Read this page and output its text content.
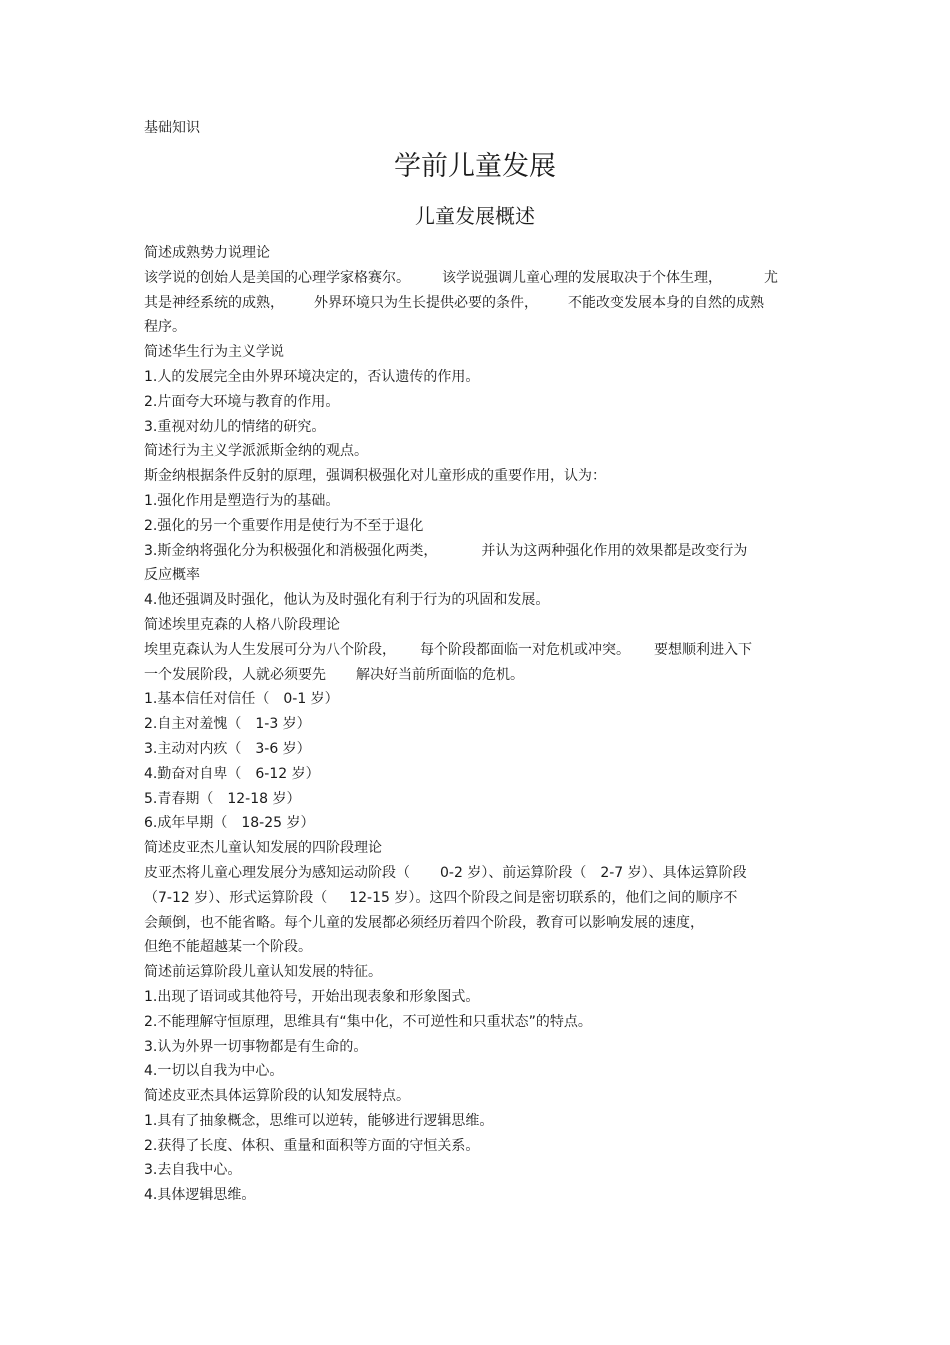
基础知识
学前儿童发展
儿童发展概述
简述成熟势力说理论
该学说的创始人是美国的心理学家格赛尔。 该学说强调儿童心理的发展取决于个体生理，	尤
其是神经系统的成熟， 外界环境只为生长提供必要的条件， 不能改变发展本身的自然的成熟
程序。
简述华生行为主义学说
1.人的发展完全由外界环境决定的，否认遗传的作用。
2.片面夸大环境与教育的作用。
3.重视对幼儿的情绪的研究。
简述行为主义学派派斯金纳的观点。
斯金纳根据条件反射的原理，强调积极强化对儿童形成的重要作用，认为：
1.强化作用是塑造行为的基础。
2.强化的另一个重要作用是使行为不至于退化
3.斯金纳将强化分为积极强化和消极强化两类，	并认为这两种强化作用的效果都是改变行为
反应概率
4.他还强调及时强化，他认为及时强化有利于行为的巩固和发展。
简述埃里克森的人格八阶段理论
埃里克森认为人生发展可分为八个阶段， 每个阶段都面临一对危机或冲突。 要想顺利进入下
一个发展阶段，人就必须要先 解决好当前所面临的危机。
1.基本信任对信任（ 0-1 岁）
2.自主对羞愧（ 1-3 岁）
3.主动对内疚（ 3-6 岁）
4.勤奋对自卑（ 6-12 岁）
5.青春期（ 12-18 岁）
6.成年早期（ 18-25 岁）
简述皮亚杰儿童认知发展的四阶段理论
皮亚杰将儿童心理发展分为感知运动阶段（ 0-2 岁）、前运算阶段（ 2-7 岁）、具体运算阶段
（7-12 岁）、形式运算阶段（ 12-15 岁）。这四个阶段之间是密切联系的，他们之间的顺序不
会颠倒，也不能省略。每个儿童的发展都必须经历着四个阶段，教育可以影响发展的速度，
但绝不能超越某一个阶段。
简述前运算阶段儿童认知发展的特征。
1.出现了语词或其他符号，开始出现表象和形象图式。
2.不能理解守恒原理，思维具有“集中化，不可逆性和只重状态”的特点。
3.认为外界一切事物都是有生命的。
4.一切以自我为中心。
简述皮亚杰具体运算阶段的认知发展特点。
1.具有了抽象概念，思维可以逆转，能够进行逻辑思维。
2.获得了长度、体积、重量和面积等方面的守恒关系。
3.去自我中心。
4.具体逻辑思维。
